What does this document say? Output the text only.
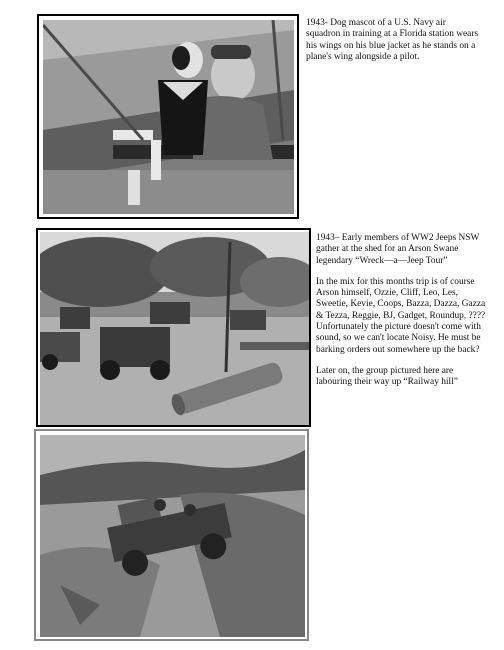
1943- Dog mascot of a U.S. Navy air squadron in training at a Florida station wears his wings on his blue jacket as he stands on a plane's wing alongside a pilot.

1943– Early members of WW2 Jeeps NSW gather at the shed for an Arson Swane legendary “Wreck—a—Jeep Tour”

In the mix for this months trip is of course Arson himself, Ozzie, Cliff, Leo, Les, Sweetie, Kevie, Coops, Bazza, Dazza, Gazza & Tezza, Reggie, BJ, Gadget, Roundup, ???? Unfortunately the picture doesn't come with sound, so we can't locate Noisy. He must be barking orders out somewhere up the back?

Later on, the group pictured here are labouring their way up “Railway hill”
